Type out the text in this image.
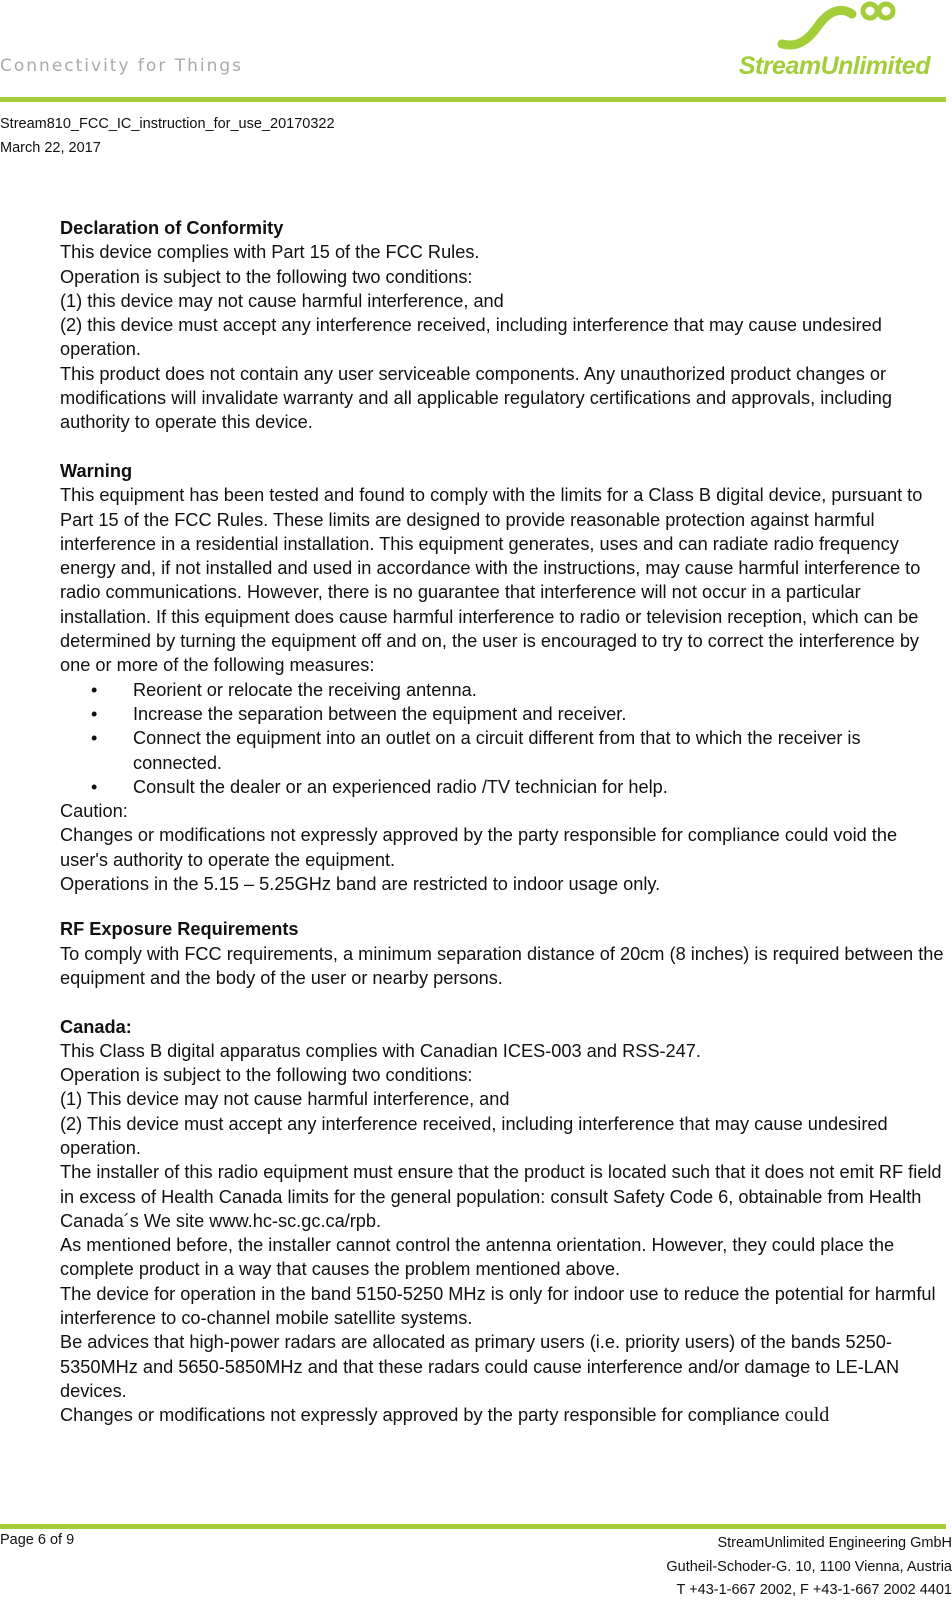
Connectivity for Things	StreamUnlimited
Stream810_FCC_IC_instruction_for_use_20170322
March 22, 2017

Declaration of Conformity

This device complies with Part 15 of the FCC Rules.

Operation is subject to the following two conditions:

(1) this device may not cause harmful interference, and

(2) this device must accept any interference received, including interference that may cause undesired operation.

This product does not contain any user serviceable components. Any unauthorized product changes or modifications will invalidate warranty and all applicable regulatory certifications and approvals, including authority to operate this device.

Warning

This equipment has been tested and found to comply with the limits for a Class B digital device, pursuant to Part 15 of the FCC Rules. These limits are designed to provide reasonable protection against harmful interference in a residential installation. This equipment generates, uses and can radiate radio frequency energy and, if not installed and used in accordance with the instructions, may cause harmful interference to radio communications. However, there is no guarantee that interference will not occur in a particular installation. If this equipment does cause harmful interference to radio or television reception, which can be determined by turning the equipment off and on, the user is encouraged to try to correct the interference by one or more of the following measures:

• Reorient or relocate the receiving antenna.
• Increase the separation between the equipment and receiver.
• Connect the equipment into an outlet on a circuit different from that to which the receiver is connected.
• Consult the dealer or an experienced radio /TV technician for help.

Caution:

Changes or modifications not expressly approved by the party responsible for compliance could void the user's authority to operate the equipment.

Operations in the 5.15 – 5.25GHz band are restricted to indoor usage only.

RF Exposure Requirements

To comply with FCC requirements, a minimum separation distance of 20cm (8 inches) is required between the equipment and the body of the user or nearby persons.

Canada:

This Class B digital apparatus complies with Canadian ICES-003 and RSS-247.

Operation is subject to the following two conditions:

(1) This device may not cause harmful interference, and

(2) This device must accept any interference received, including interference that may cause undesired operation.

The installer of this radio equipment must ensure that the product is located such that it does not emit RF field in excess of Health Canada limits for the general population: consult Safety Code 6, obtainable from Health Canada´s We site www.hc-sc.gc.ca/rpb.

As mentioned before, the installer cannot control the antenna orientation. However, they could place the complete product in a way that causes the problem mentioned above.

The device for operation in the band 5150-5250 MHz is only for indoor use to reduce the potential for harmful interference to co-channel mobile satellite systems.

Be advices that high-power radars are allocated as primary users (i.e. priority users) of the bands 5250-5350MHz and 5650-5850MHz and that these radars could cause interference and/or damage to LE-LAN devices.

Changes or modifications not expressly approved by the party responsible for compliance could

Page 6 of 9	StreamUnlimited Engineering GmbH
Gutheil-Schoder-G. 10, 1100 Vienna, Austria
T +43-1-667 2002, F +43-1-667 2002 4401
